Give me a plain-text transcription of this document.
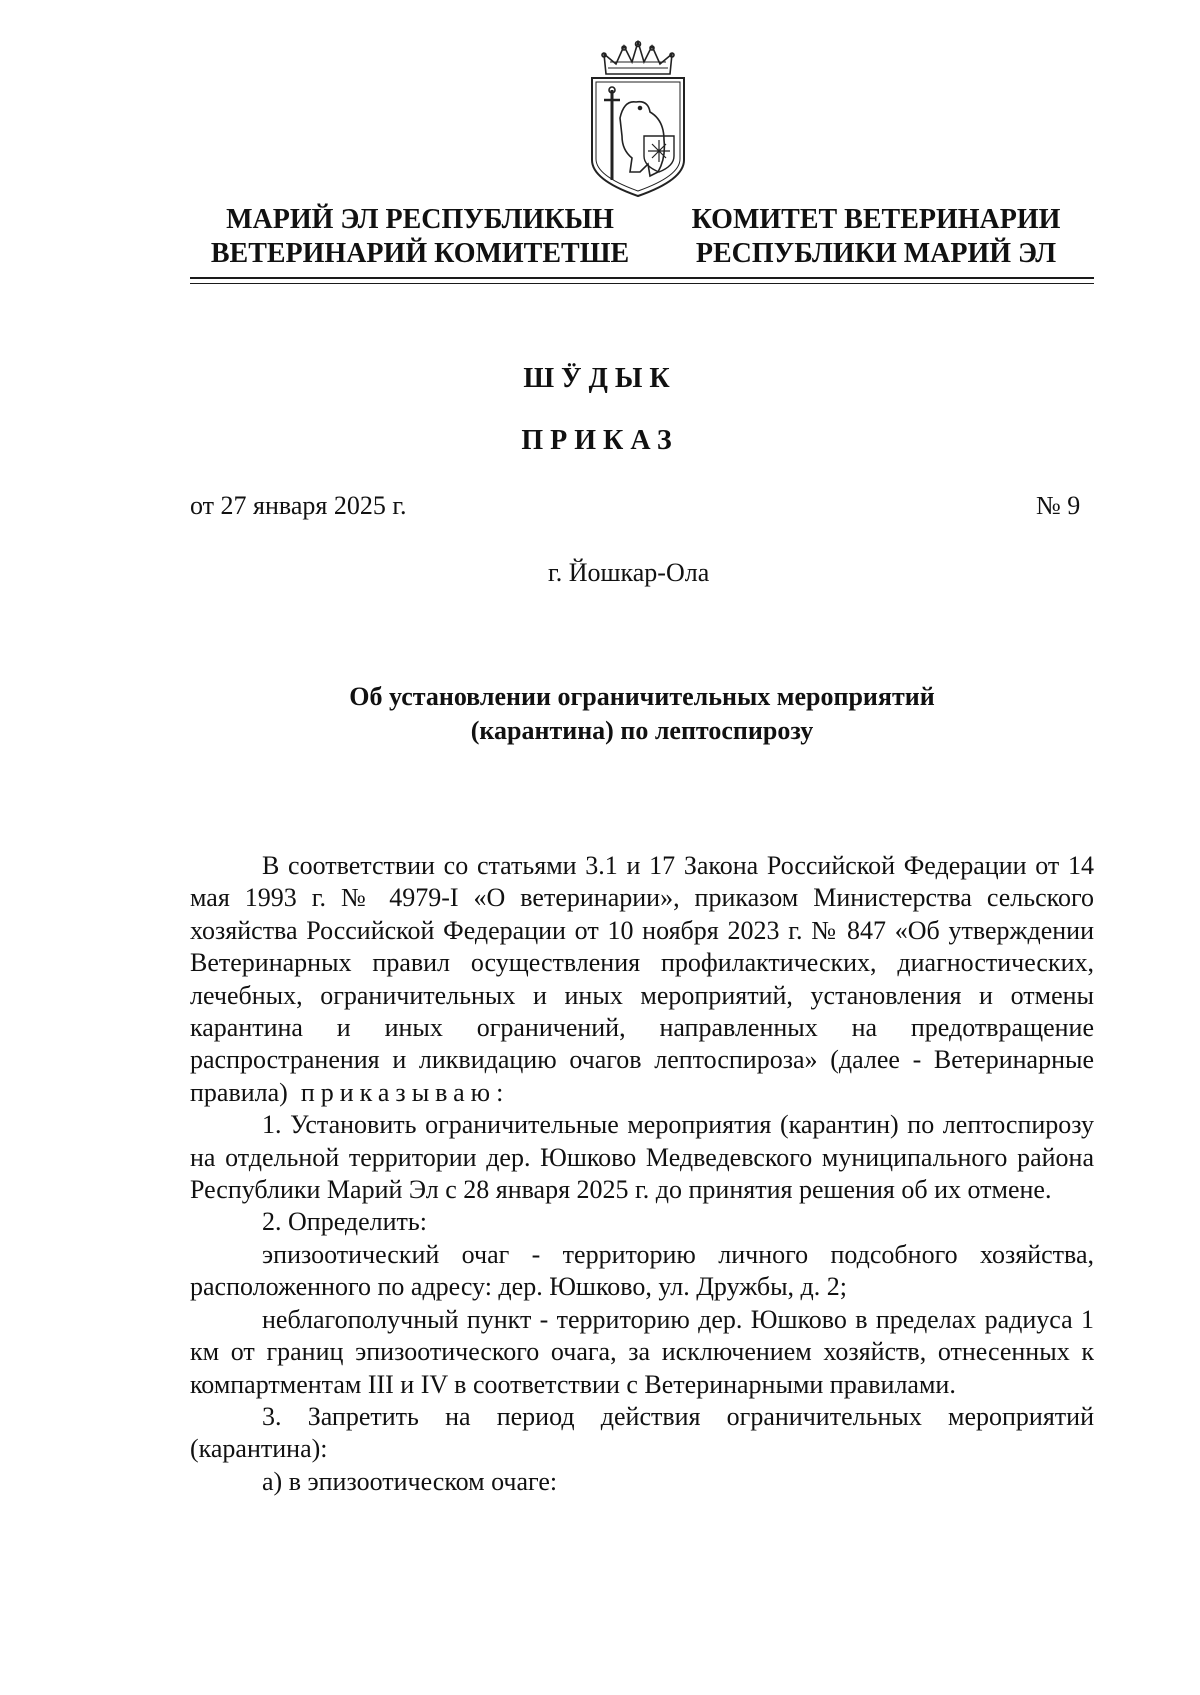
МАРИЙ ЭЛ РЕСПУБЛИКЫН
ВЕТЕРИНАРИЙ КОМИТЕТШЕ
КОМИТЕТ ВЕТЕРИНАРИИ
РЕСПУБЛИКИ МАРИЙ ЭЛ
ШӰДЫК
ПРИКАЗ
от 27 января 2025 г.	№ 9
г. Йошкар-Ола
Об установлении ограничительных мероприятий
(карантина) по лептоспирозу

В соответствии со статьями 3.1 и 17 Закона Российской Федерации от 14 мая 1993 г. № 4979-I «О ветеринарии», приказом Министерства сельского хозяйства Российской Федерации от 10 ноября 2023 г. № 847 «Об утверждении Ветеринарных правил осуществления профилактических, диагностических, лечебных, ограничительных и иных мероприятий, установления и отмены карантина и иных ограничений, направленных на предотвращение распространения и ликвидацию очагов лептоспироза» (далее - Ветеринарные правила) приказываю:

1. Установить ограничительные мероприятия (карантин) по лептоспирозу на отдельной территории дер. Юшково Медведевского муниципального района Республики Марий Эл с 28 января 2025 г. до принятия решения об их отмене.

2. Определить:

эпизоотический очаг - территорию личного подсобного хозяйства, расположенного по адресу: дер. Юшково, ул. Дружбы, д. 2;

неблагополучный пункт - территорию дер. Юшково в пределах радиуса 1 км от границ эпизоотического очага, за исключением хозяйств, отнесенных к компартментам III и IV в соответствии с Ветеринарными правилами.

3. Запретить на период действия ограничительных мероприятий (карантина):

а) в эпизоотическом очаге:
